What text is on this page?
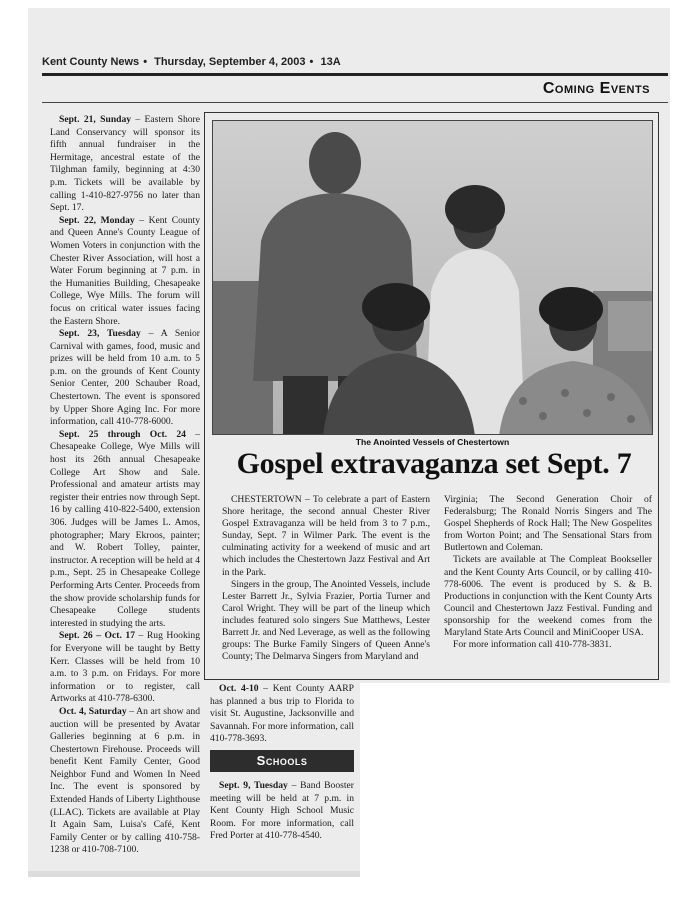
Kent County News • Thursday, September 4, 2003 • 13A
Coming Events

Sept. 21, Sunday – Eastern Shore Land Conservancy will sponsor its fifth annual fundraiser in the Hermitage, ancestral estate of the Tilghman family, beginning at 4:30 p.m. Tickets will be available by calling 1-410-827-9756 no later than Sept. 17.

Sept. 22, Monday – Kent County and Queen Anne's County League of Women Voters in conjunction with the Chester River Association, will host a Water Forum beginning at 7 p.m. in the Humanities Building, Chesapeake College, Wye Mills. The forum will focus on critical water issues facing the Eastern Shore.

Sept. 23, Tuesday – A Senior Carnival with games, food, music and prizes will be held from 10 a.m. to 5 p.m. on the grounds of Kent County Senior Center, 200 Schauber Road, Chestertown. The event is sponsored by Upper Shore Aging Inc. For more information, call 410-778-6000.

Sept. 25 through Oct. 24 – Chesapeake College, Wye Mills will host its 26th annual Chesapeake College Art Show and Sale. Professional and amateur artists may register their entries now through Sept. 16 by calling 410-822-5400, extension 306. Judges will be James L. Amos, photographer; Mary Ekroos, painter; and W. Robert Tolley, painter, instructor. A reception will be held at 4 p.m., Sept. 25 in Chesapeake College Performing Arts Center. Proceeds from the show provide scholarship funds for Chesapeake College students interested in studying the arts.

Sept. 26 – Oct. 17 – Rug Hooking for Everyone will be taught by Betty Kerr. Classes will be held from 10 a.m. to 3 p.m. on Fridays. For more information or to register, call Artworks at 410-778-6300.

Oct. 4, Saturday – An art show and auction will be presented by Avatar Galleries beginning at 6 p.m. in Chestertown Firehouse. Proceeds will benefit Kent Family Center, Good Neighbor Fund and Women In Need Inc. The event is sponsored by Extended Hands of Liberty Lighthouse (LLAC). Tickets are available at Play It Again Sam, Luisa's Café, Kent Family Center or by calling 410-758-1238 or 410-708-7100.

Oct. 4-10 – Kent County AARP has planned a bus trip to Florida to visit St. Augustine, Jacksonville and Savannah. For more information, call 410-778-3693.

Schools

Sept. 9, Tuesday – Band Booster meeting will be held at 7 p.m. in Kent County High School Music Room. For more information, call Fred Porter at 410-778-4540.

The Anointed Vessels of Chestertown
Gospel extravaganza set Sept. 7

CHESTERTOWN – To celebrate a part of Eastern Shore heritage, the second annual Chester River Gospel Extravaganza will be held from 3 to 7 p.m., Sunday, Sept. 7 in Wilmer Park. The event is the culminating activity for a weekend of music and art which includes the Chestertown Jazz Festival and Art in the Park.

Singers in the group, The Anointed Vessels, include Lester Barrett Jr., Sylvia Frazier, Portia Turner and Carol Wright. They will be part of the lineup which includes featured solo singers Sue Matthews, Lester Barrett Jr. and Ned Leverage, as well as the following groups: The Burke Family Singers of Queen Anne's County; The Delmarva Singers from Maryland and

Virginia; The Second Generation Choir of Federalsburg; The Ronald Norris Singers and The Gospel Shepherds of Rock Hall; The New Gospelites from Worton Point; and The Sensational Stars from Butlertown and Coleman.

Tickets are available at The Compleat Bookseller and the Kent County Arts Council, or by calling 410-778-6006. The event is produced by S. & B. Productions in conjunction with the Kent County Arts Council and Chestertown Jazz Festival. Funding and sponsorship for the weekend comes from the Maryland State Arts Council and MiniCooper USA.

For more information call 410-778-3831.
